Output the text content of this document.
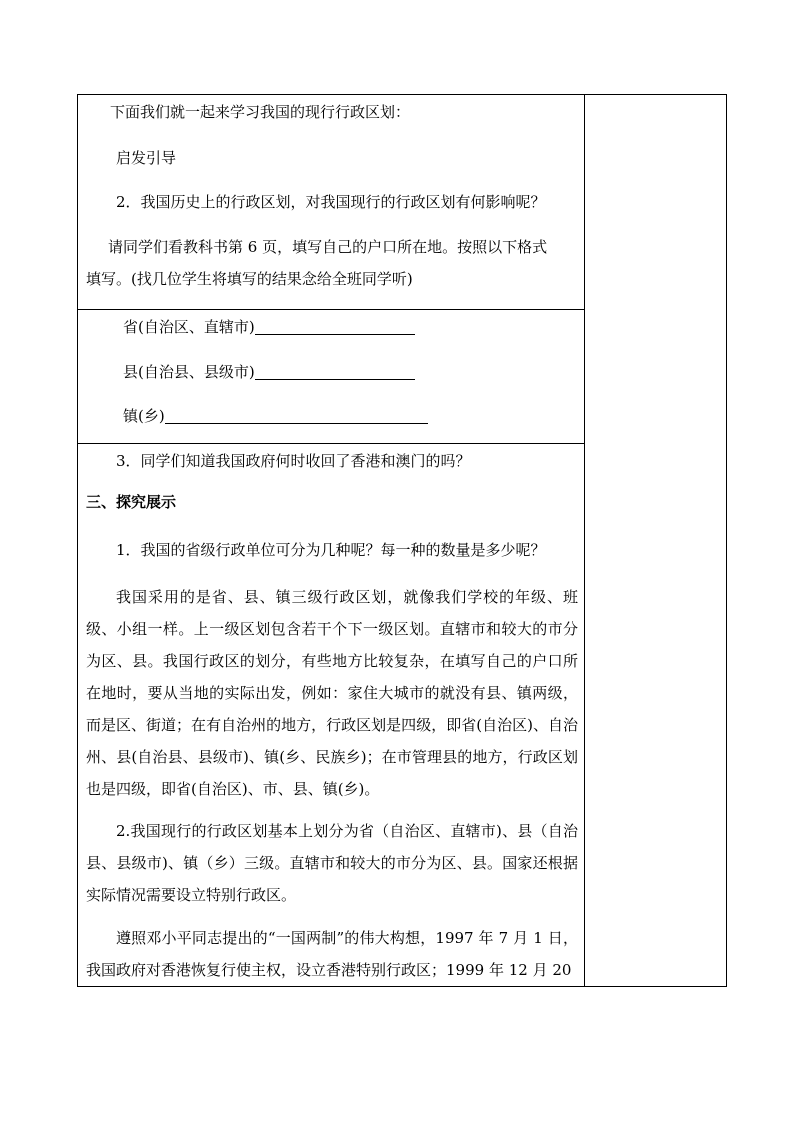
下面我们就一起来学习我国的现行行政区划：
启发引导
2．我国历史上的行政区划，对我国现行的行政区划有何影响呢？
请同学们看教科书第 6 页，填写自己的户口所在地。按照以下格式
填写。(找几位学生将填写的结果念给全班同学听)
省(自治区、直辖市)
县(自治县、县级市)
镇(乡)
3．同学们知道我国政府何时收回了香港和澳门的吗？
三、探究展示
1．我国的省级行政单位可分为几种呢？每一种的数量是多少呢？
我国采用的是省、县、镇三级行政区划，就像我们学校的年级、班级、小组一样。上一级区划包含若干个下一级区划。直辖市和较大的市分为区、县。我国行政区的划分，有些地方比较复杂，在填写自己的户口所在地时，要从当地的实际出发，例如：家住大城市的就没有县、镇两级，而是区、街道；在有自治州的地方，行政区划是四级，即省(自治区)、自治州、县(自治县、县级市)、镇(乡、民族乡)；在市管理县的地方，行政区划也是四级，即省(自治区)、市、县、镇(乡)。
2.我国现行的行政区划基本上划分为省（自治区、直辖市)、县（自治县、县级市)、镇（乡）三级。直辖市和较大的市分为区、县。国家还根据实际情况需要设立特别行政区。
遵照邓小平同志提出的“一国两制”的伟大构想，1997 年 7 月 1 日，我国政府对香港恢复行使主权，设立香港特别行政区；1999 年 12 月 20
